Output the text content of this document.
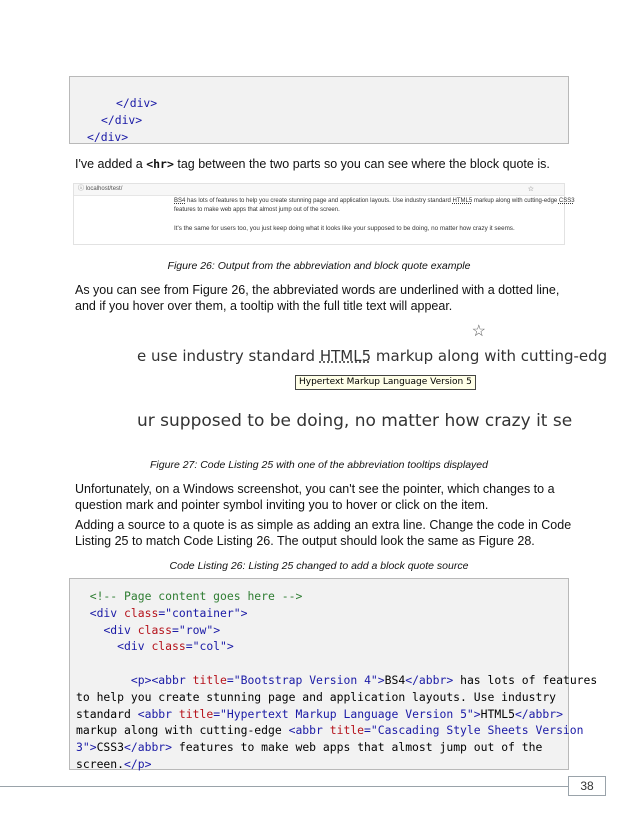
</div>
</div>
</div>
I've added a <hr> tag between the two parts so you can see where the block quote is.
ⓘ localhost/test/	☆
BS4 has lots of features to help you create stunning page and application layouts. Use industry standard HTML5 markup along with cutting-edge CSS3
features to make web apps that almost jump out of the screen.
It's the same for users too, you just keep doing what it looks like your supposed to be doing, no matter how crazy it seems.
Figure 26: Output from the abbreviation and block quote example
As you can see from Figure 26, the abbreviated words are underlined with a dotted line, and if you hover over them, a tooltip with the full title text will appear.
☆
e use industry standard HTML5 markup along with cutting-edg
Hypertext Markup Language Version 5
ur supposed to be doing, no matter how crazy it se
Figure 27: Code Listing 25 with one of the abbreviation tooltips displayed
Unfortunately, on a Windows screenshot, you can't see the pointer, which changes to a question mark and pointer symbol inviting you to hover or click on the item.
Adding a source to a quote is as simple as adding an extra line. Change the code in Code Listing 25 to match Code Listing 26. The output should look the same as Figure 28.
Code Listing 26: Listing 25 changed to add a block quote source
<!-- Page content goes here -->
<div class="container">
<div class="row">
<div class="col">

<p><abbr title="Bootstrap Version 4">BS4</abbr> has lots of features
to help you create stunning page and application layouts. Use industry
standard <abbr title="Hypertext Markup Language Version 5">HTML5</abbr>
markup along with cutting-edge <abbr title="Cascading Style Sheets Version
3">CSS3</abbr> features to make web apps that almost jump out of the
screen.</p>
38
